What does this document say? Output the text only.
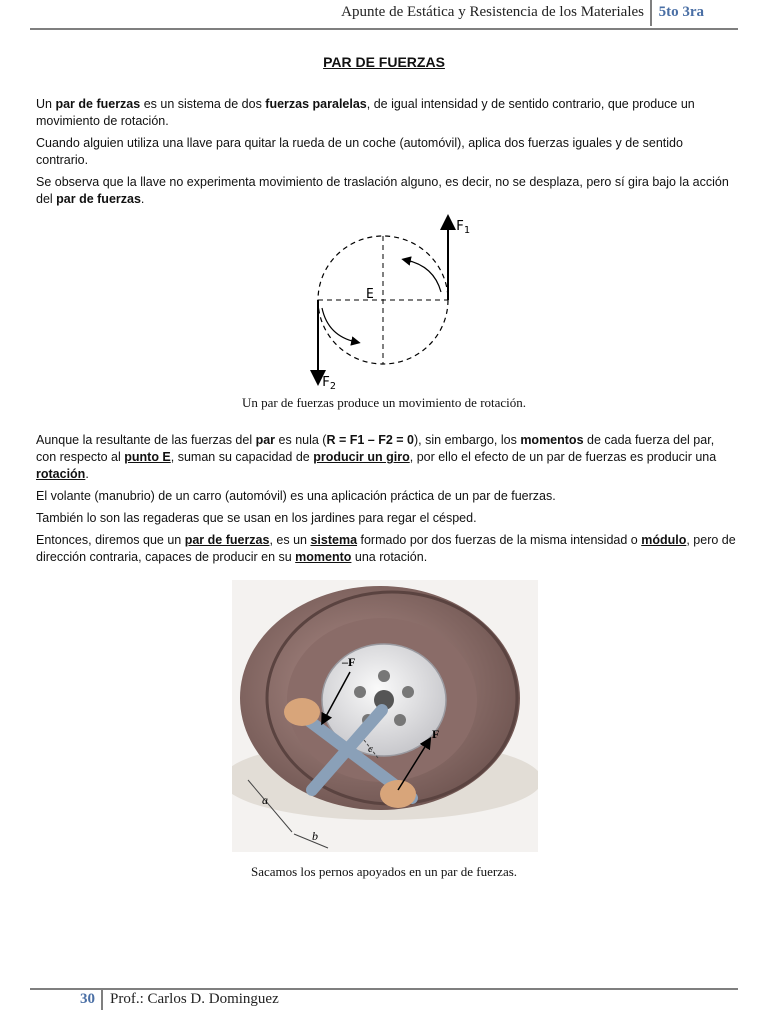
Apunte de Estática y Resistencia de los Materiales 5to 3ra
PAR DE FUERZAS

Un par de fuerzas es un sistema de dos fuerzas paralelas, de igual intensidad y de sentido contrario, que produce un movimiento de rotación.

Cuando alguien utiliza una llave para quitar la rueda de un coche (automóvil), aplica dos fuerzas iguales y de sentido contrario.

Se observa que la llave no experimenta movimiento de traslación alguno, es decir, no se desplaza, pero sí gira bajo la acción del par de fuerzas.

E
$F_1$
$F_2$
Un par de fuerzas produce un movimiento de rotación.

Aunque la resultante de las fuerzas del par es nula (R = F1 – F2 = 0), sin embargo, los momentos de cada fuerza del par, con respecto al punto E, suman su capacidad de producir un giro, por ello el efecto de un par de fuerzas es producir una rotación.

El volante (manubrio) de un carro (automóvil) es una aplicación práctica de un par de fuerzas.

También lo son las regaderas que se usan en los jardines para regar el césped.

Entonces, diremos que un par de fuerzas, es un sistema formado por dos fuerzas de la misma intensidad o módulo, pero de dirección contraria, capaces de producir en su momento una rotación.

–F
F
a
b
c
Sacamos los pernos apoyados en un par de fuerzas.
30 Prof.: Carlos D. Dominguez
